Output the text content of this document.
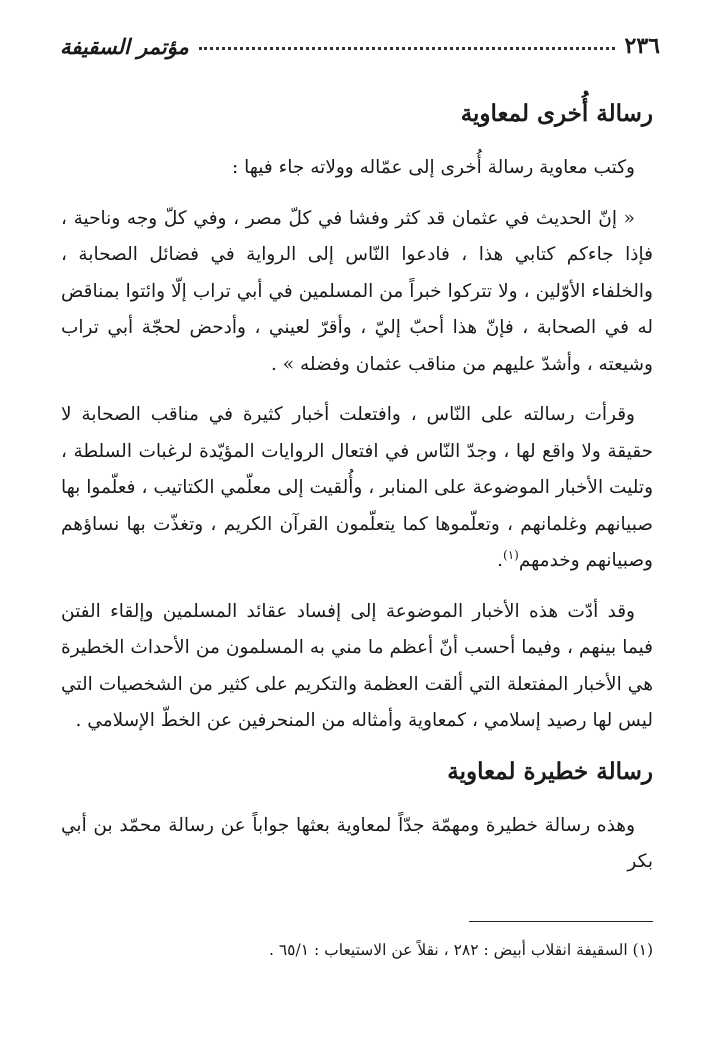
٢٣٦
مؤتمر السقيفة
رسالة أُخرى لمعاوية

وكتب معاوية رسالة أُخرى إلى عمّاله وولاته جاء فيها :

« إنّ الحديث في عثمان قد كثر وفشا في كلّ مصر ، وفي كلّ وجه وناحية ، فإذا جاءكم كتابي هذا ، فادعوا النّاس إلى الرواية في فضائل الصحابة ، والخلفاء الأوّلين ، ولا تتركوا خبراً من المسلمين في أبي تراب إلّا وائتوا بمناقض له في الصحابة ، فإنّ هذا أحبّ إليّ ، وأقرّ لعيني ، وأدحض لحجّة أبي تراب وشيعته ، وأشدّ عليهم من مناقب عثمان وفضله » .

وقرأت رسالته على النّاس ، وافتعلت أخبار كثيرة في مناقب الصحابة لا حقيقة ولا واقع لها ، وجدّ النّاس في افتعال الروايات المؤيّدة لرغبات السلطة ، وتليت الأخبار الموضوعة على المنابر ، وأُلقيت إلى معلّمي الكتاتيب ، فعلّموا بها صبيانهم وغلمانهم ، وتعلّموها كما يتعلّمون القرآن الكريم ، وتغذّت بها نساؤهم وصبيانهم وخدمهم$^{(١)}$.

وقد أدّت هذه الأخبار الموضوعة إلى إفساد عقائد المسلمين وإلقاء الفتن فيما بينهم ، وفيما أحسب أنّ أعظم ما مني به المسلمون من الأحداث الخطيرة هي الأخبار المفتعلة التي ألقت العظمة والتكريم على كثير من الشخصيات التي ليس لها رصيد إسلامي ، كمعاوية وأمثاله من المنحرفين عن الخطّ الإسلامي .

رسالة خطيرة لمعاوية

وهذه رسالة خطيرة ومهمّة جدّاً لمعاوية بعثها جواباً عن رسالة محمّد بن أبي بكر

(١) السقيفة انقلاب أبيض : ٢٨٢ ، نقلاً عن الاستيعاب : ٦٥/١ .
